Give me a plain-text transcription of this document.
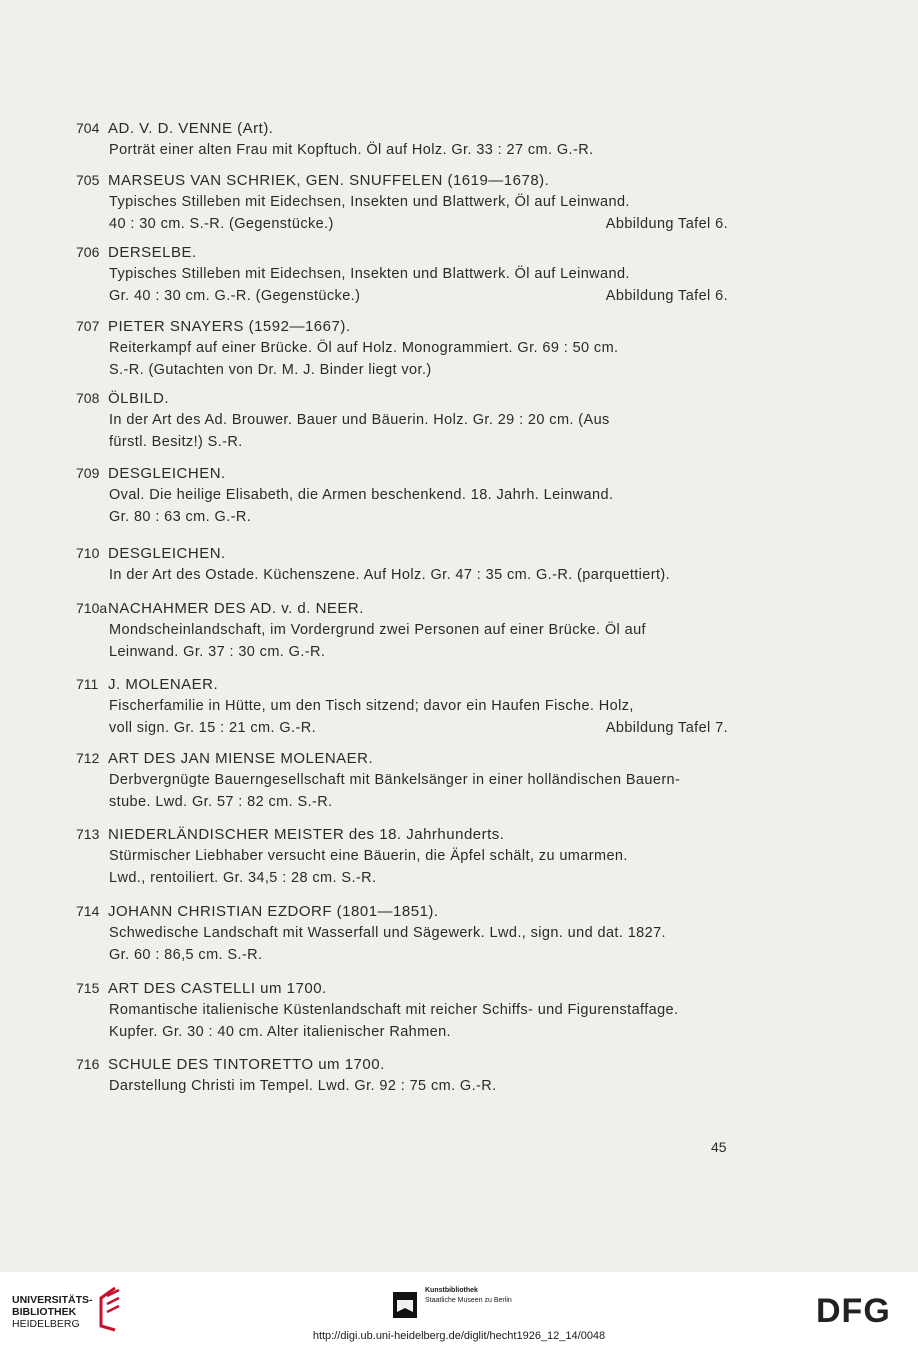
704 AD. V. D. VENNE (Art).
Porträt einer alten Frau mit Kopftuch. Öl auf Holz. Gr. 33 : 27 cm. G.-R.
705 MARSEUS VAN SCHRIEK, GEN. SNUFFELEN (1619—1678).
Typisches Stilleben mit Eidechsen, Insekten und Blattwerk, Öl auf Leinwand.
40 : 30 cm. S.-R. (Gegenstücke.)	Abbildung Tafel 6.
706 DERSELBE.
Typisches Stilleben mit Eidechsen, Insekten und Blattwerk. Öl auf Leinwand.
Gr. 40 : 30 cm. G.-R. (Gegenstücke.)	Abbildung Tafel 6.
707 PIETER SNAYERS (1592—1667).
Reiterkampf auf einer Brücke. Öl auf Holz. Monogrammiert. Gr. 69 : 50 cm.
S.-R. (Gutachten von Dr. M. J. Binder liegt vor.)
708 ÖLBILD.
In der Art des Ad. Brouwer. Bauer und Bäuerin. Holz. Gr. 29 : 20 cm. (Aus
fürstl. Besitz!) S.-R.
709 DESGLEICHEN.
Oval. Die heilige Elisabeth, die Armen beschenkend. 18. Jahrh. Leinwand.
Gr. 80 : 63 cm. G.-R.
710 DESGLEICHEN.
In der Art des Ostade. Küchenszene. Auf Holz. Gr. 47 : 35 cm. G.-R. (parquettiert).
710aNACHAHMER DES AD. v. d. NEER.
Mondscheinlandschaft, im Vordergrund zwei Personen auf einer Brücke. Öl auf
Leinwand. Gr. 37 : 30 cm. G.-R.
711 J. MOLENAER.
Fischerfamilie in Hütte, um den Tisch sitzend; davor ein Haufen Fische. Holz,
voll sign. Gr. 15 : 21 cm. G.-R.	Abbildung Tafel 7.
712 ART DES JAN MIENSE MOLENAER.
Derbvergnügte Bauerngesellschaft mit Bänkelsänger in einer holländischen Bauern-
stube. Lwd. Gr. 57 : 82 cm. S.-R.
713 NIEDERLÄNDISCHER MEISTER des 18. Jahrhunderts.
Stürmischer Liebhaber versucht eine Bäuerin, die Äpfel schält, zu umarmen.
Lwd., rentoiliert. Gr. 34,5 : 28 cm. S.-R.
714 JOHANN CHRISTIAN EZDORF (1801—1851).
Schwedische Landschaft mit Wasserfall und Sägewerk. Lwd., sign. und dat. 1827.
Gr. 60 : 86,5 cm. S.-R.
715 ART DES CASTELLI um 1700.
Romantische italienische Küstenlandschaft mit reicher Schiffs- und Figurenstaffage.
Kupfer. Gr. 30 : 40 cm. Alter italienischer Rahmen.
716 SCHULE DES TINTORETTO um 1700.
Darstellung Christi im Tempel. Lwd. Gr. 92 : 75 cm. G.-R.
45
UNIVERSITÄTS-
BIBLIOTHEK
HEIDELBERG
Kunstbibliothek
Staatliche Museen zu Berlin	DFG
http://digi.ub.uni-heidelberg.de/diglit/hecht1926_12_14/0048
